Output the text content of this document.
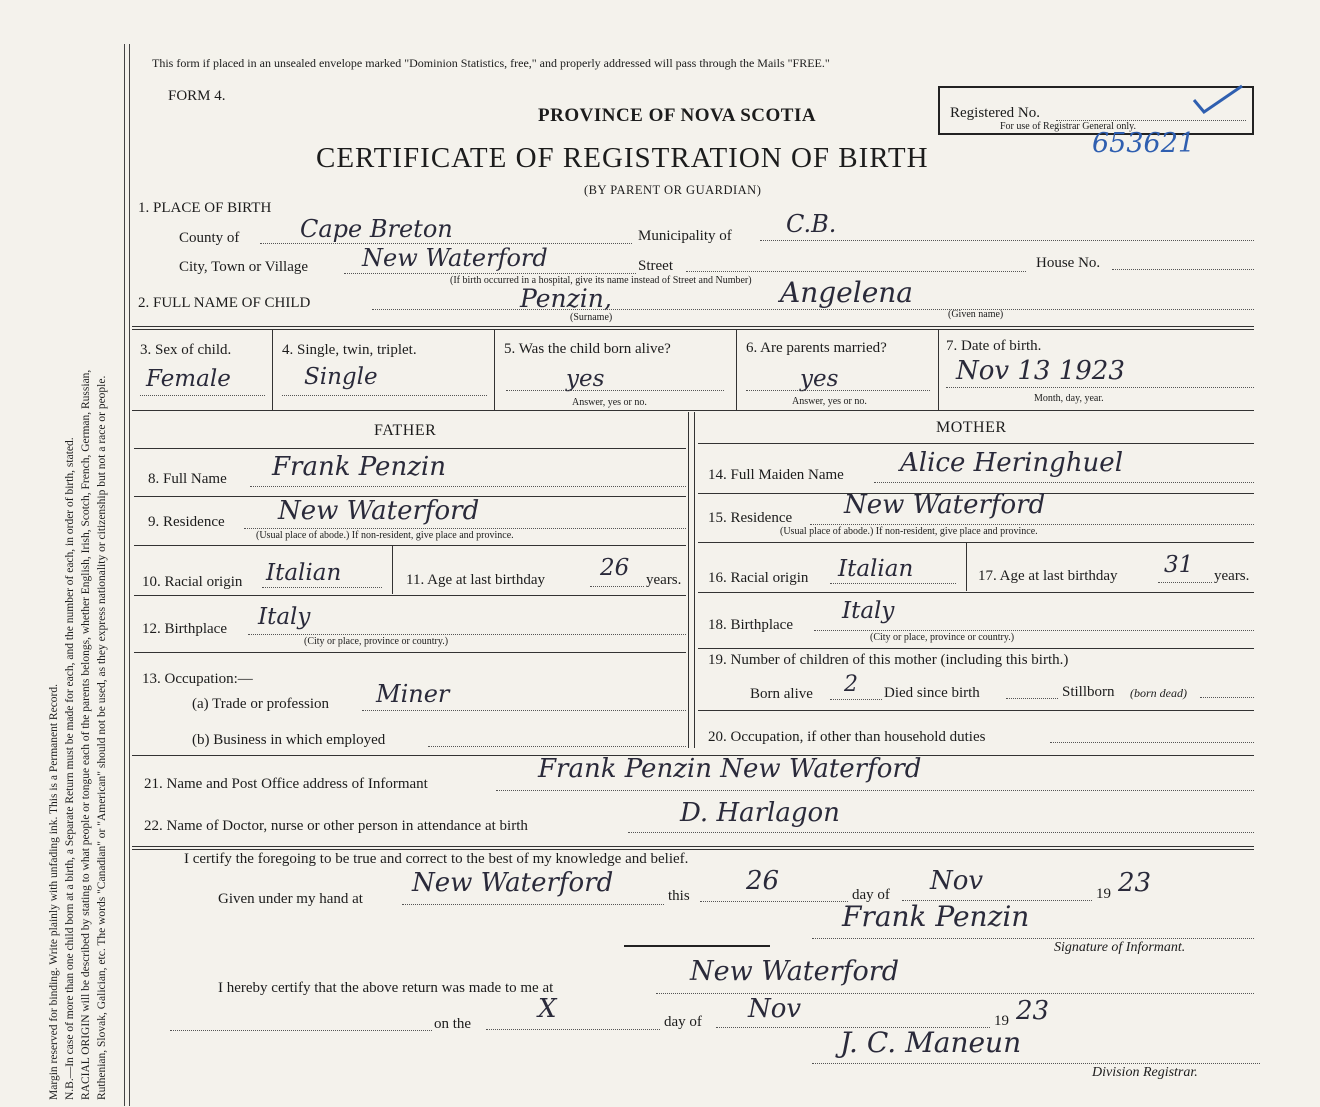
Margin reserved for binding. Write plainly with unfading ink. This is a Permanent Record. N.B.—In case of more than one child born at a birth, a Separate Return must be made for each, and the number of each, in order of birth, stated. RACIAL ORIGIN will be described by stating to what people or tongue each of the parents belongs, whether English, Irish, Scotch, French, German, Russian, Ruthenian, Slovak, Galician, etc. The words "Canadian" or "American" should not be used, as they express nationality or citizenship but not a race or people.
This form if placed in an unsealed envelope marked "Dominion Statistics, free," and properly addressed will pass through the Mails "FREE."
FORM 4.
PROVINCE OF NOVA SCOTIA
CERTIFICATE OF REGISTRATION OF BIRTH
(BY PARENT OR GUARDIAN)
Registered No.
For use of Registrar General only.
653621
1. PLACE OF BIRTH
County of	Cape Breton	Municipality of C.B.
City, Town or Village New Waterford	Street	House No.
(If birth occurred in a hospital, give its name instead of Street and Number)
2. FULL NAME OF CHILD	Penzin,	Angelena
(Surname)	(Given name)
3. Sex of child.
Female
4. Single, twin, triplet.
Single
5. Was the child born alive?
yes
Answer, yes or no.
6. Are parents married?
yes
Answer, yes or no.
7. Date of birth.
Nov 13 1923
Month, day, year.
FATHER	MOTHER
8. Full Name Frank Penzin
9. Residence New Waterford
(Usual place of abode.) If non-resident, give place and province.
10. Racial origin Italian	11. Age at last birthday 26 years.
12. Birthplace Italy
(City or place, province or country.)
13. Occupation:—
(a) Trade or profession Miner
(b) Business in which employed
14. Full Maiden Name Alice Heringhuel
15. Residence New Waterford
(Usual place of abode.) If non-resident, give place and province.
16. Racial origin Italian	17. Age at last birthday 31 years.
18. Birthplace
Italy
(City or place, province or country.)
19. Number of children of this mother (including this birth.)
Born alive 2 Died since birth	Stillborn (born dead)
20. Occupation, if other than household duties
21. Name and Post Office address of Informant	Frank Penzin New Waterford
22. Name of Doctor, nurse or other person in attendance at birth	D. Harlagon
I certify the foregoing to be true and correct to the best of my knowledge and belief.
Given under my hand at
New Waterford	this 26	day of Nov	19 23
Frank Penzin
Signature of Informant.
I hereby certify that the above return was made to me at
New Waterford
on the	X	day of Nov	19 23
J. C. Maneun
Division Registrar.
